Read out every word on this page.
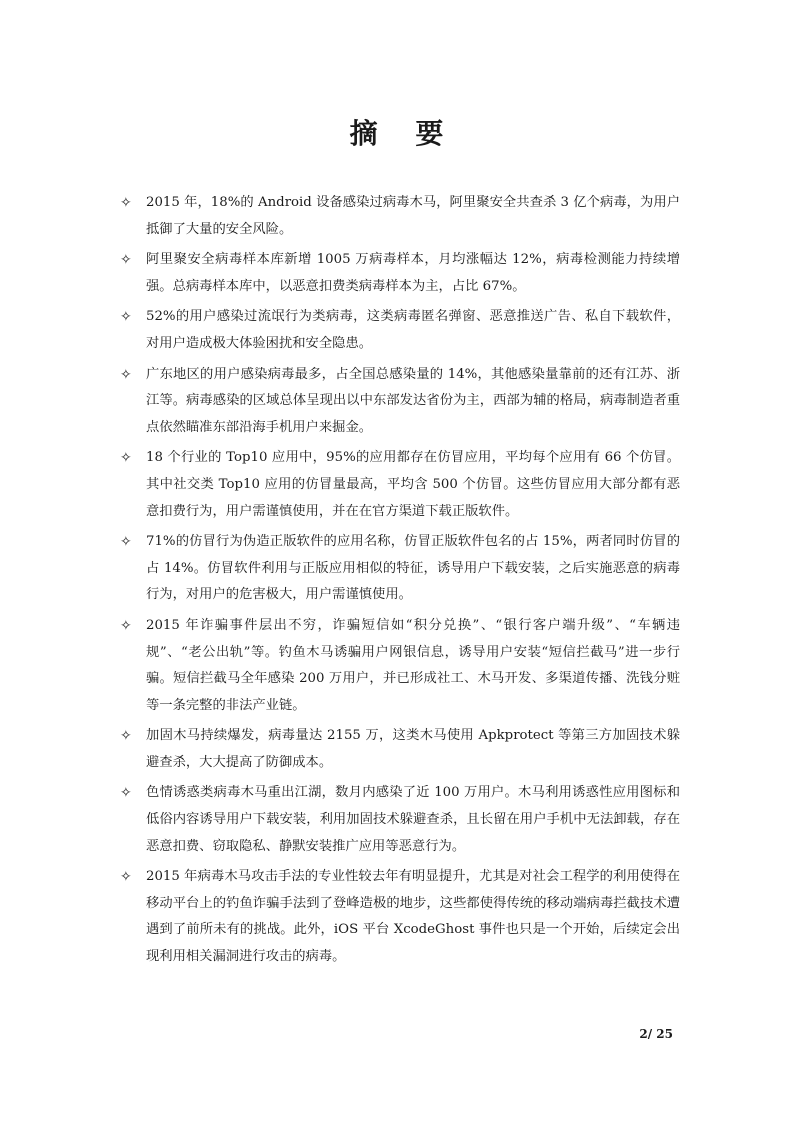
摘 要
✧ 2015 年，18%的 Android 设备感染过病毒木马，阿里聚安全共查杀 3 亿个病毒，为用户抵御了大量的安全风险。
✧ 阿里聚安全病毒样本库新增 1005 万病毒样本，月均涨幅达 12%，病毒检测能力持续增强。总病毒样本库中，以恶意扣费类病毒样本为主，占比 67%。
✧ 52%的用户感染过流氓行为类病毒，这类病毒匿名弹窗、恶意推送广告、私自下载软件，对用户造成极大体验困扰和安全隐患。
✧ 广东地区的用户感染病毒最多，占全国总感染量的 14%，其他感染量靠前的还有江苏、浙江等。病毒感染的区域总体呈现出以中东部发达省份为主，西部为辅的格局，病毒制造者重点依然瞄准东部沿海手机用户来掘金。
✧ 18 个行业的 Top10 应用中，95%的应用都存在仿冒应用，平均每个应用有 66 个仿冒。其中社交类 Top10 应用的仿冒量最高，平均含 500 个仿冒。这些仿冒应用大部分都有恶意扣费行为，用户需谨慎使用，并在在官方渠道下载正版软件。
✧ 71%的仿冒行为伪造正版软件的应用名称，仿冒正版软件包名的占 15%，两者同时仿冒的占 14%。仿冒软件利用与正版应用相似的特征，诱导用户下载安装，之后实施恶意的病毒行为，对用户的危害极大，用户需谨慎使用。
✧ 2015 年诈骗事件层出不穷，诈骗短信如“积分兑换”、“银行客户端升级”、“车辆违规”、“老公出轨”等。钓鱼木马诱骗用户网银信息，诱导用户安装“短信拦截马”进一步行骗。短信拦截马全年感染 200 万用户，并已形成社工、木马开发、多渠道传播、洗钱分赃等一条完整的非法产业链。
✧ 加固木马持续爆发，病毒量达 2155 万，这类木马使用 Apkprotect 等第三方加固技术躲避查杀，大大提高了防御成本。
✧ 色情诱惑类病毒木马重出江湖，数月内感染了近 100 万用户。木马利用诱惑性应用图标和低俗内容诱导用户下载安装，利用加固技术躲避查杀，且长留在用户手机中无法卸载，存在恶意扣费、窃取隐私、静默安装推广应用等恶意行为。
✧ 2015 年病毒木马攻击手法的专业性较去年有明显提升，尤其是对社会工程学的利用使得在移动平台上的钓鱼诈骗手法到了登峰造极的地步，这些都使得传统的移动端病毒拦截技术遭遇到了前所未有的挑战。此外，iOS 平台 XcodeGhost 事件也只是一个开始，后续定会出现利用相关漏洞进行攻击的病毒。
2/ 25
